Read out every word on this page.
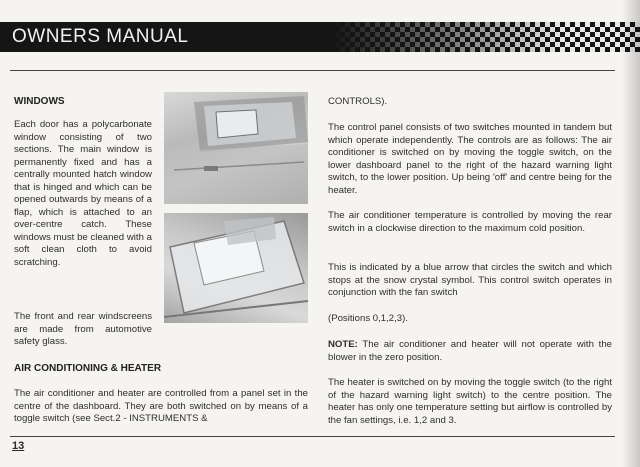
OWNERS MANUAL
WINDOWS
Each door has a polycarbonate window consisting of two sections. The main window is permanently fixed and has a centrally mounted hatch window that is hinged and which can be opened outwards by means of a flap, which is attached to an over-centre catch. These windows must be cleaned with a soft clean cloth to avoid scratching.
The front and rear windscreens are made from automotive safety glass.
AIR CONDITIONING & HEATER
The air conditioner and heater are controlled from a panel set in the centre of the dashboard. They are both switched on by means of a toggle switch (see Sect.2 - INSTRUMENTS &
CONTROLS).
The control panel consists of two switches mounted in tandem but which operate independently. The controls are as follows: The air conditioner is switched on by moving the toggle switch, on the lower dashboard panel to the right of the hazard warning light switch, to the lower position. Up being 'off' and centre being for the heater.
The air conditioner temperature is controlled by moving the rear switch in a clockwise direction to the maximum cold position.
This is indicated by a blue arrow that circles the switch and which stops at the snow crystal symbol. This control switch operates in conjunction with the fan switch
(Positions 0,1,2,3).
NOTE: The air conditioner and heater will not operate with the blower in the zero position.
The heater is switched on by moving the toggle switch (to the right of the hazard warning light switch) to the centre position. The heater has only one temperature setting but airflow is controlled by the fan settings, i.e. 1,2 and 3.
13
